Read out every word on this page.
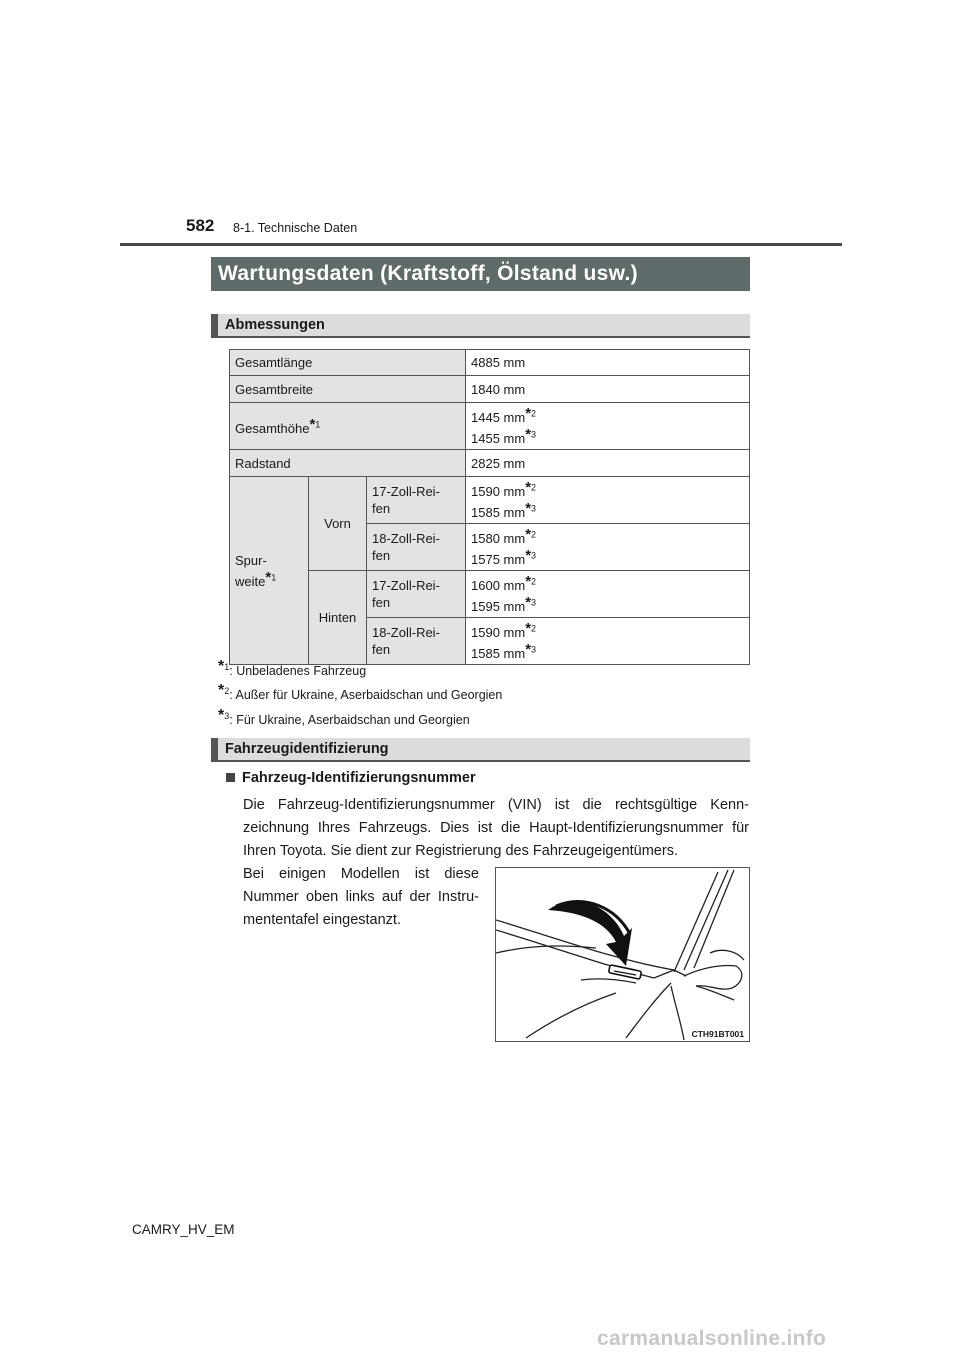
582 8-1. Technische Daten
Wartungsdaten (Kraftstoff, Ölstand usw.)
Abmessungen
Gesamtlänge			4885 mm
Gesamtbreite			1840 mm
Gesamthöhe*$^1$			1445 mm*$^2$
1455 mm*$^3$
Radstand			2825 mm
Spur-
weite*$^1$	Vorn	17-Zoll-Rei-
fen	1590 mm*$^2$
1585 mm*$^3$
		18-Zoll-Rei-
fen	1580 mm*$^2$
1575 mm*$^3$
	Hinten	17-Zoll-Rei-
fen	1600 mm*$^2$
1595 mm*$^3$
		18-Zoll-Rei-
fen	1590 mm*$^2$
1585 mm*$^3$
*$^1$: Unbeladenes Fahrzeug
*$^2$: Außer für Ukraine, Aserbaidschan und Georgien
*$^3$: Für Ukraine, Aserbaidschan und Georgien
Fahrzeugidentifizierung
Fahrzeug-Identifizierungsnummer
Die Fahrzeug-Identifizierungsnummer (VIN) ist die rechtsgültige Kenn-zeichnung Ihres Fahrzeugs. Dies ist die Haupt-Identifizierungsnummer für Ihren Toyota. Sie dient zur Registrierung des Fahrzeugeigentümers.
Bei einigen Modellen ist diese Nummer oben links auf der Instru-mententafel eingestanzt.
CTH91BT001
CAMRY_HV_EM
carmanualsonline.info
